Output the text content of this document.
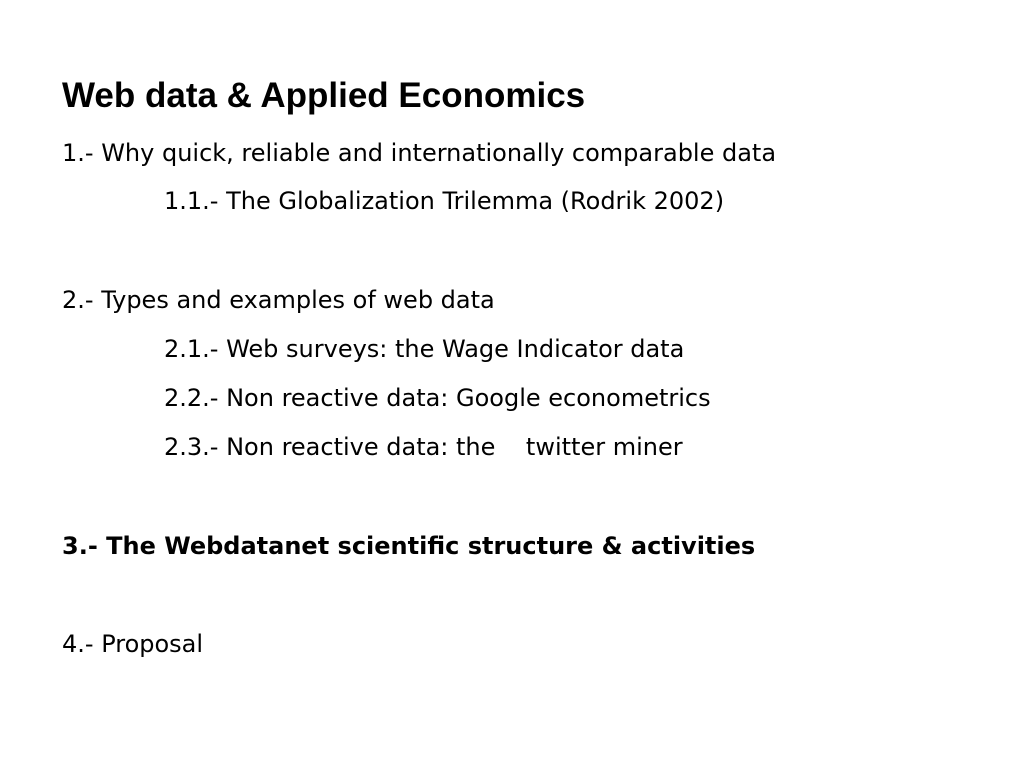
Web data & Applied Economics

1.- Why quick, reliable and internationally comparable data

1.1.- The Globalization Trilemma (Rodrik 2002)

2.- Types and examples of web data

2.1.- Web surveys: the Wage Indicator data

2.2.- Non reactive data: Google econometrics

2.3.- Non reactive data: the    twitter miner

3.- The Webdatanet scientific structure & activities

4.- Proposal
